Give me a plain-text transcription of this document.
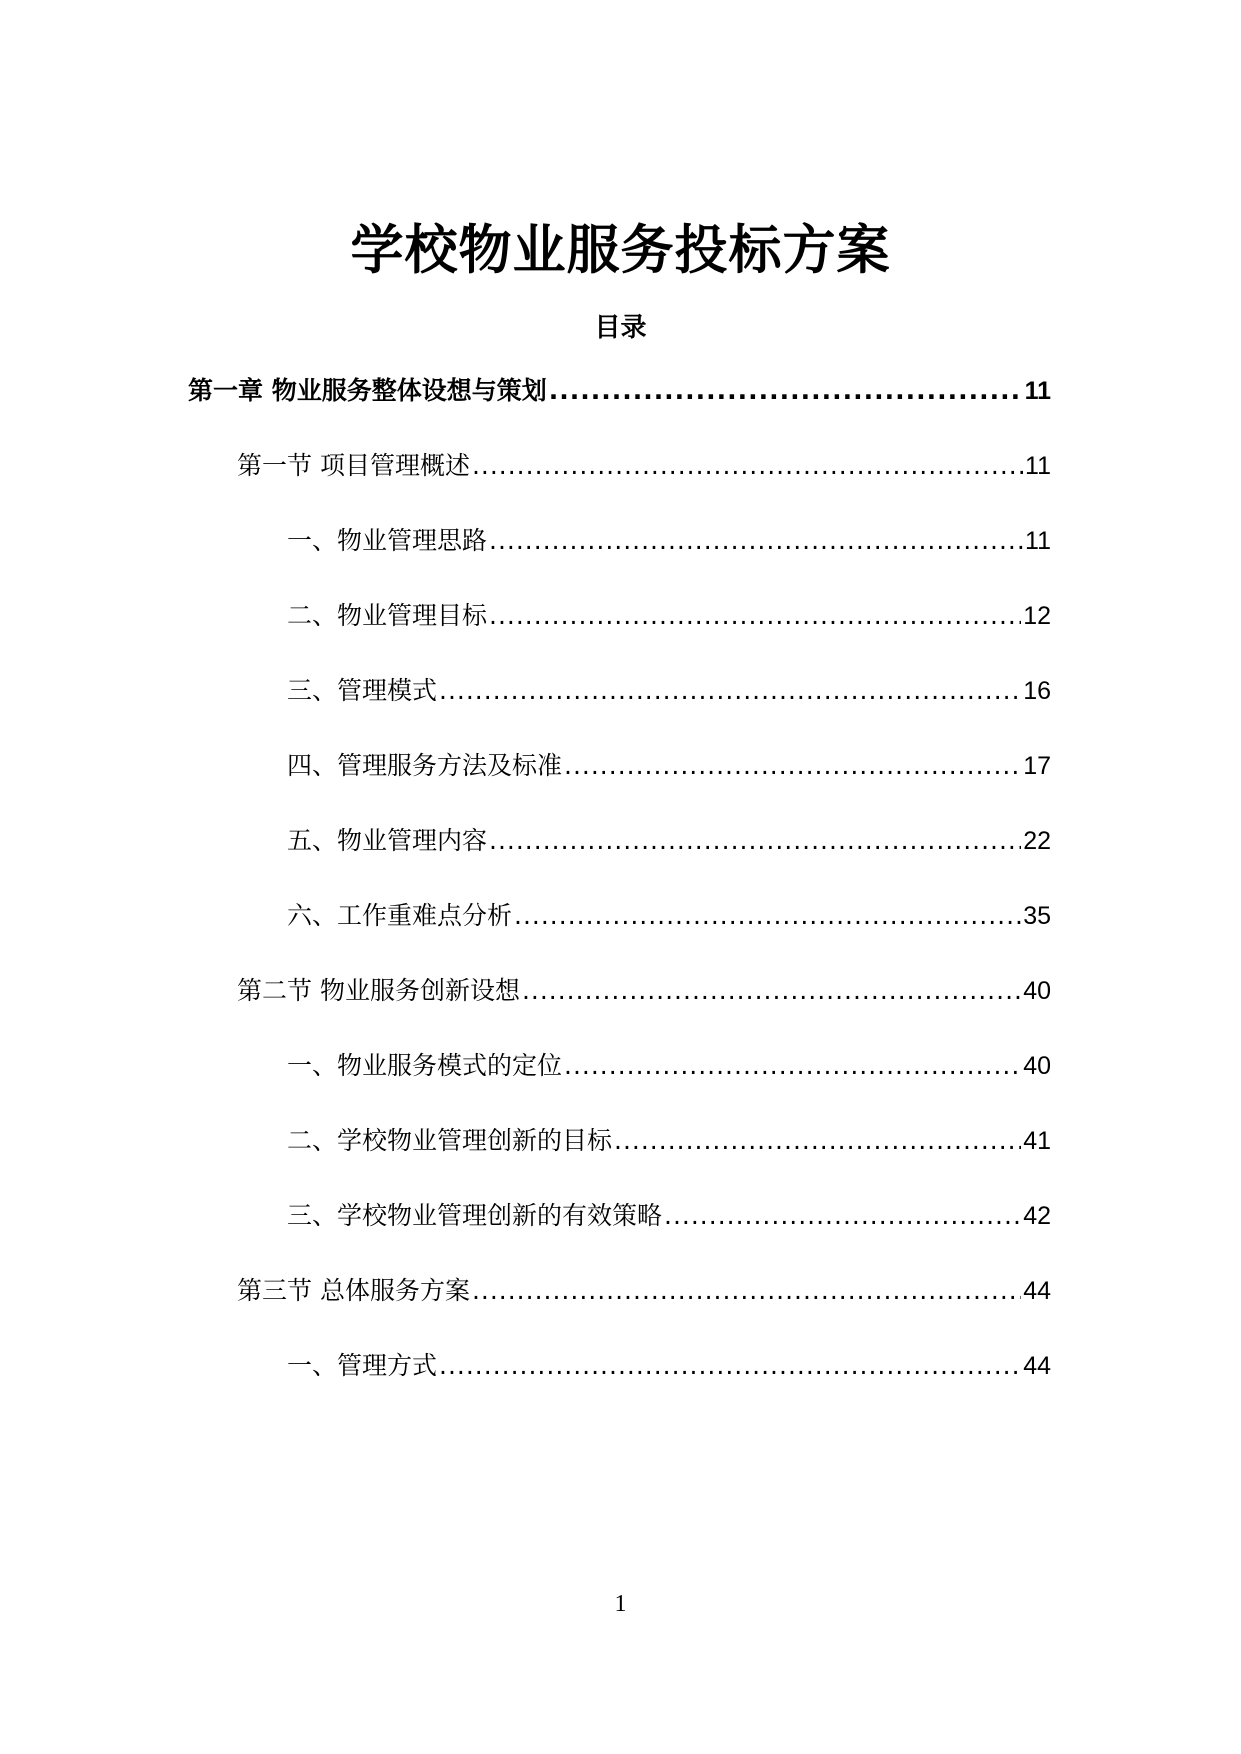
学校物业服务投标方案
目录
第一章 物业服务整体设想与策划 .....	11
第一节 项目管理概述 .....	11
一、物业管理思路 .....	11
二、物业管理目标 .....	12
三、管理模式 .....	16
四、管理服务方法及标准 .....	17
五、物业管理内容 .....	22
六、工作重难点分析 .....	35
第二节 物业服务创新设想 .....	40
一、物业服务模式的定位 .....	40
二、学校物业管理创新的目标 .....	41
三、学校物业管理创新的有效策略 .....	42
第三节 总体服务方案 .....	44
一、管理方式 .....	44
1
